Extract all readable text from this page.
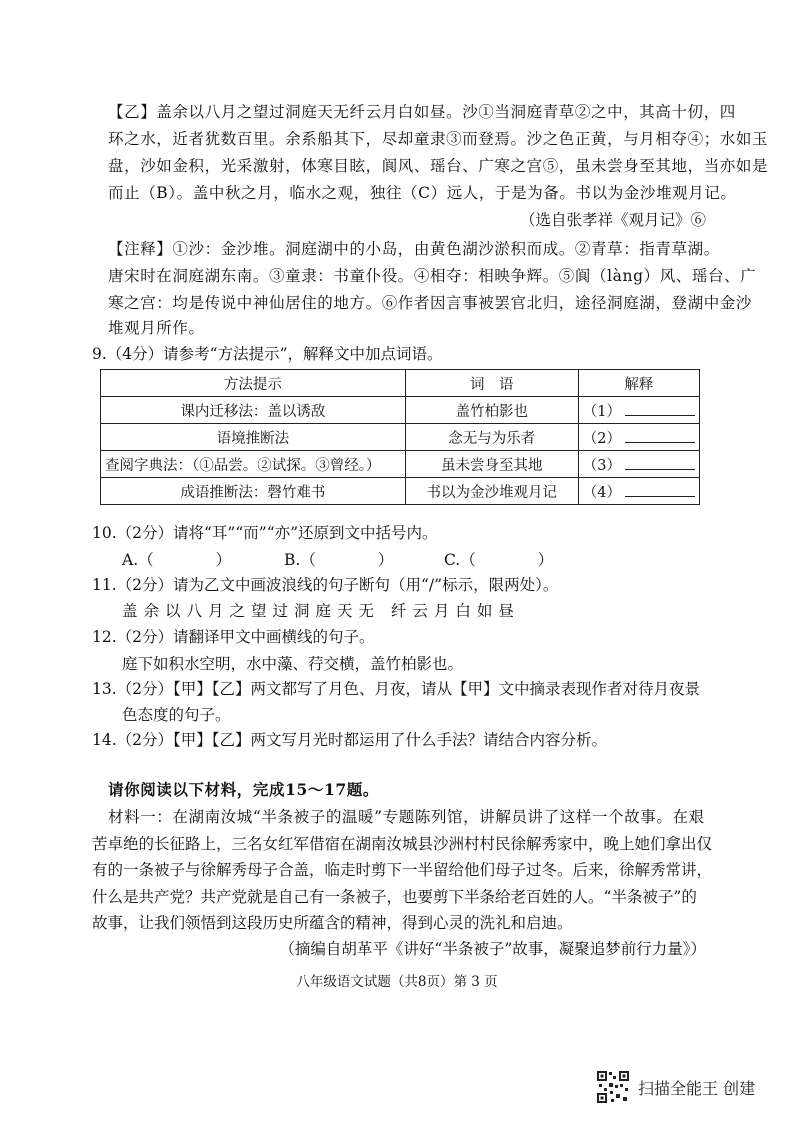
【乙】盖余以八月之望过洞庭天无纤云月白如昼。沙①当洞庭青草②之中，其高十仞，四
环之水，近者犹数百里。余系船其下，尽却童隶③而登焉。沙之色正黄，与月相夺④；水如玉
盘，沙如金积，光采激射，体寒目眩，阆风、瑶台、广寒之宫⑤，虽未尝身至其地，当亦如是
而止（B）。盖中秋之月，临水之观，独往（C）远人，于是为备。书以为金沙堆观月记。
（选自张孝祥《观月记》⑥
【注释】①沙：金沙堆。洞庭湖中的小岛，由黄色湖沙淤积而成。②青草：指青草湖。
唐宋时在洞庭湖东南。③童隶：书童仆役。④相夺：相映争辉。⑤阆（làng）风、瑶台、广
寒之宫：均是传说中神仙居住的地方。⑥作者因言事被罢官北归，途径洞庭湖，登湖中金沙
堆观月所作。
9.（4分）请参考“方法提示”，解释文中加点词语。
方法提示	词　语	解释
课内迁移法：盖以诱敌	盖竹柏影也	（1）
语境推断法	念无与为乐者	（2）
查阅字典法：（①品尝。②试探。③曾经。）	虽未尝身至其地	（3）
成语推断法：磬竹难书	书以为金沙堆观月记	（4）
10.（2分）请将“耳”“而”“亦”还原到文中括号内。
A.（　　　　）	B.（　　　　）	C.（　　　　）
11.（2分）请为乙文中画波浪线的句子断句（用“/”标示，限两处）。
盖余以八月之望过洞庭天无 纤云月白如昼
12.（2分）请翻译甲文中画横线的句子。
庭下如积水空明，水中藻、荇交横，盖竹柏影也。
13.（2分）【甲】【乙】两文都写了月色、月夜，请从【甲】文中摘录表现作者对待月夜景
色态度的句子。
14.（2分）【甲】【乙】两文写月光时都运用了什么手法？请结合内容分析。
请你阅读以下材料，完成15～17题。
材料一：在湖南汝城“半条被子的温暖”专题陈列馆，讲解员讲了这样一个故事。在艰
苦卓绝的长征路上，三名女红军借宿在湖南汝城县沙洲村村民徐解秀家中，晚上她们拿出仅
有的一条被子与徐解秀母子合盖，临走时剪下一半留给他们母子过冬。后来，徐解秀常讲，
什么是共产党？共产党就是自己有一条被子，也要剪下半条给老百姓的人。“半条被子”的
故事，让我们领悟到这段历史所蕴含的精神，得到心灵的洗礼和启迪。
（摘编自胡革平《讲好“半条被子”故事，凝聚追梦前行力量》）
八年级语文试题（共8页）第 3 页
扫描全能王 创建
